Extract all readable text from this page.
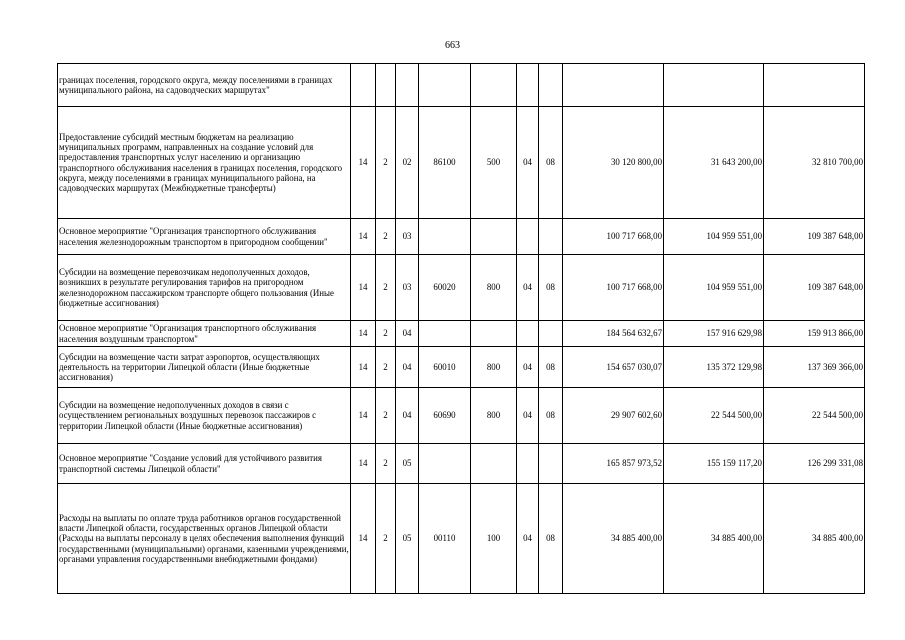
663
границах поселения, городского округа, между поселениями в границах муниципального района, на садоводческих маршрутах"										
Предоставление субсидий местным бюджетам на реализацию муниципальных программ, направленных на создание условий для предоставления транспортных услуг населению и организацию транспортного обслуживания населения в границах поселения, городского округа, между поселениями в границах муниципального района, на садоводческих маршрутах (Межбюджетные трансферты)	14	2	02	86100	500	04	08	30 120 800,00	31 643 200,00	32 810 700,00
Основное мероприятие "Организация транспортного обслуживания населения железнодорожным транспортом в пригородном сообщении"	14	2	03					100 717 668,00	104 959 551,00	109 387 648,00
Субсидии на возмещение перевозчикам недополученных доходов, возникших в результате регулирования тарифов на пригородном железнодорожном пассажирском транспорте общего пользования (Иные бюджетные ассигнования)	14	2	03	60020	800	04	08	100 717 668,00	104 959 551,00	109 387 648,00
Основное мероприятие "Организация транспортного обслуживания населения воздушным транспортом"	14	2	04					184 564 632,67	157 916 629,98	159 913 866,00
Субсидии на возмещение части затрат аэропортов, осуществляющих деятельность на территории Липецкой области (Иные бюджетные ассигнования)	14	2	04	60010	800	04	08	154 657 030,07	135 372 129,98	137 369 366,00
Субсидии на возмещение недополученных доходов в связи с осуществлением региональных воздушных перевозок пассажиров с территории Липецкой области (Иные бюджетные ассигнования)	14	2	04	60690	800	04	08	29 907 602,60	22 544 500,00	22 544 500,00
Основное мероприятие "Создание условий для устойчивого развития транспортной системы Липецкой области"	14	2	05					165 857 973,52	155 159 117,20	126 299 331,08
Расходы на выплаты по оплате труда работников органов государственной власти Липецкой области, государственных органов Липецкой области (Расходы на выплаты персоналу в целях обеспечения выполнения функций государственными (муниципальными) органами, казенными учреждениями, органами управления государственными внебюджетными фондами)	14	2	05	00110	100	04	08	34 885 400,00	34 885 400,00	34 885 400,00
